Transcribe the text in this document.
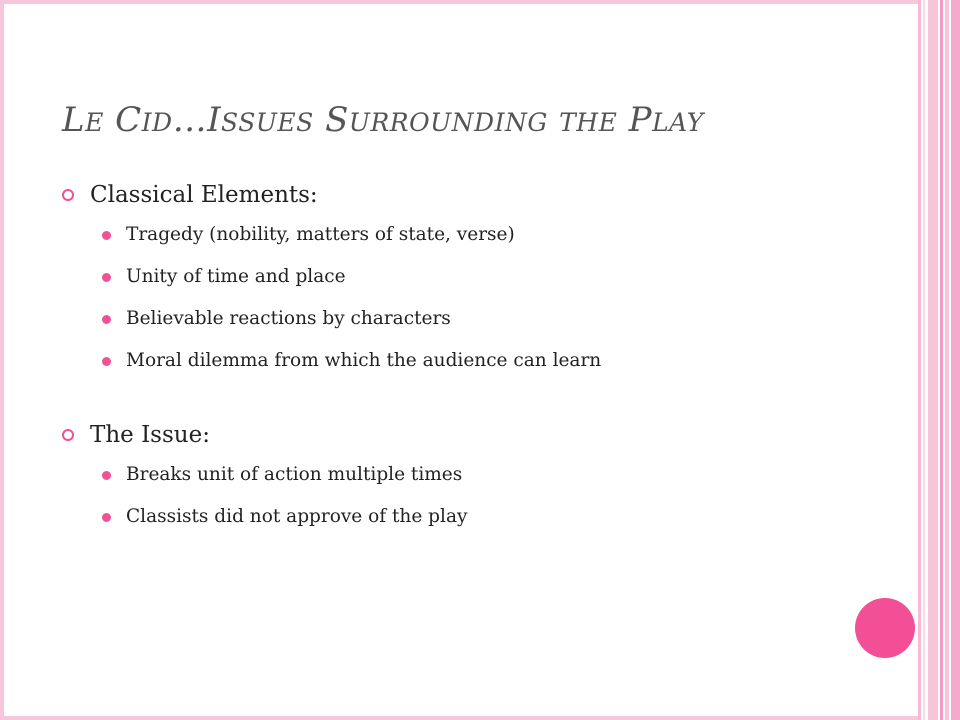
LE CID…ISSUES SURROUNDING THE PLAY
Classical Elements:
Tragedy (nobility, matters of state, verse)
Unity of time and place
Believable reactions by characters
Moral dilemma from which the audience can learn
The Issue:
Breaks unit of action multiple times
Classists did not approve of the play
